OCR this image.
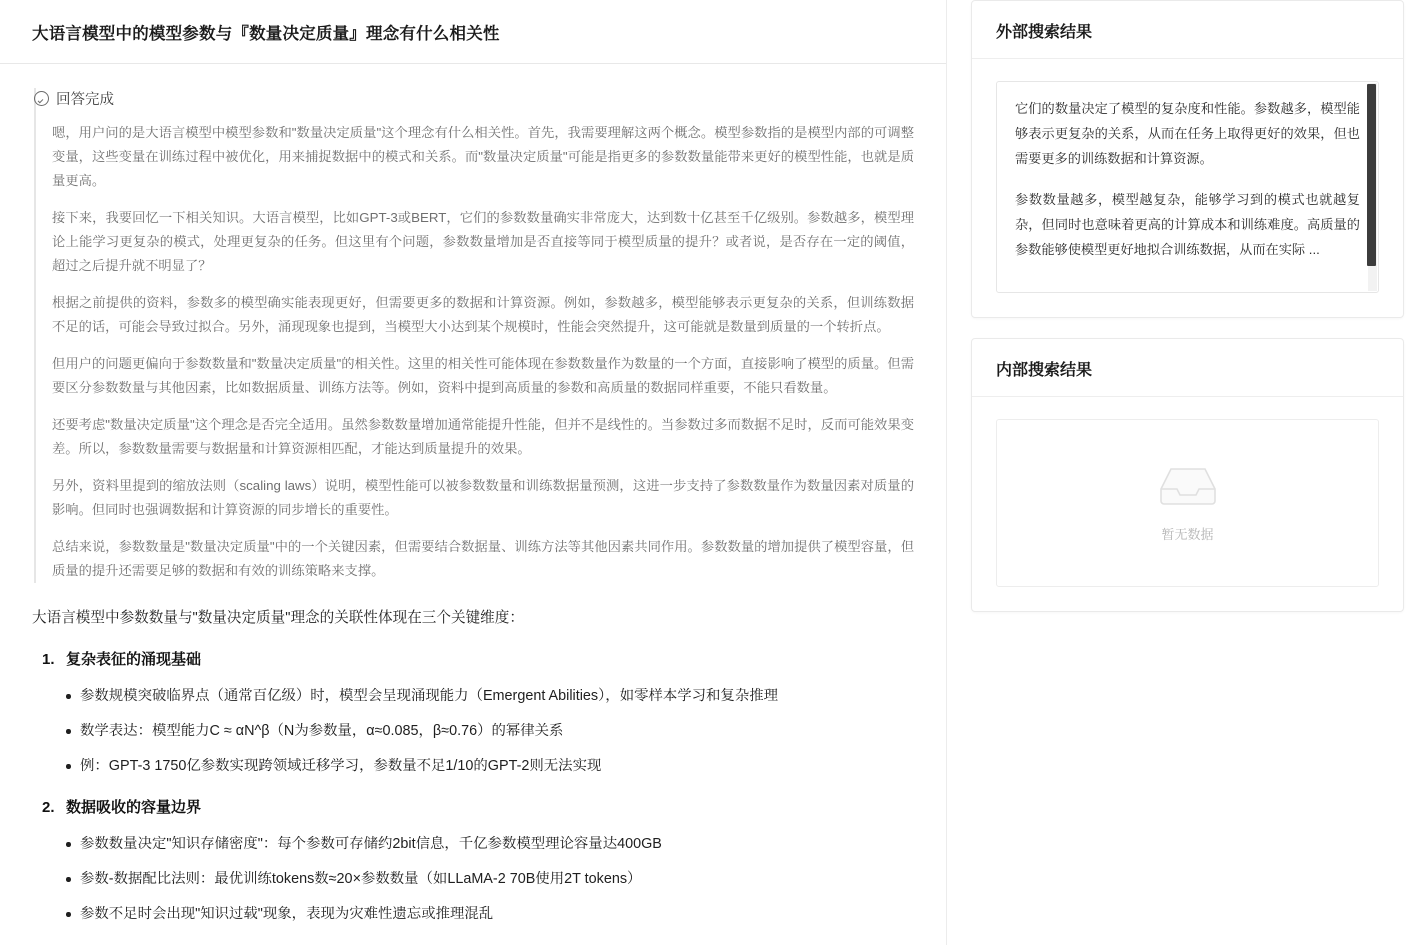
大语言模型中的模型参数与『数量决定质量』理念有什么相关性
回答完成

嗯，用户问的是大语言模型中模型参数和"数量决定质量"这个理念有什么相关性。首先，我需要理解这两个概念。模型参数指的是模型内部的可调整变量，这些变量在训练过程中被优化，用来捕捉数据中的模式和关系。而"数量决定质量"可能是指更多的参数数量能带来更好的模型性能，也就是质量更高。

接下来，我要回忆一下相关知识。大语言模型，比如GPT-3或BERT，它们的参数数量确实非常庞大，达到数十亿甚至千亿级别。参数越多，模型理论上能学习更复杂的模式，处理更复杂的任务。但这里有个问题，参数数量增加是否直接等同于模型质量的提升？或者说，是否存在一定的阈值，超过之后提升就不明显了？

根据之前提供的资料，参数多的模型确实能表现更好，但需要更多的数据和计算资源。例如，参数越多，模型能够表示更复杂的关系，但训练数据不足的话，可能会导致过拟合。另外，涌现现象也提到，当模型大小达到某个规模时，性能会突然提升，这可能就是数量到质量的一个转折点。

但用户的问题更偏向于参数数量和"数量决定质量"的相关性。这里的相关性可能体现在参数数量作为数量的一个方面，直接影响了模型的质量。但需要区分参数数量与其他因素，比如数据质量、训练方法等。例如，资料中提到高质量的参数和高质量的数据同样重要，不能只看数量。

还要考虑"数量决定质量"这个理念是否完全适用。虽然参数数量增加通常能提升性能，但并不是线性的。当参数过多而数据不足时，反而可能效果变差。所以，参数数量需要与数据量和计算资源相匹配，才能达到质量提升的效果。

另外，资料里提到的缩放法则（scaling laws）说明，模型性能可以被参数数量和训练数据量预测，这进一步支持了参数数量作为数量因素对质量的影响。但同时也强调数据和计算资源的同步增长的重要性。

总结来说，参数数量是"数量决定质量"中的一个关键因素，但需要结合数据量、训练方法等其他因素共同作用。参数数量的增加提供了模型容量，但质量的提升还需要足够的数据和有效的训练策略来支撑。

大语言模型中参数数量与"数量决定质量"理念的关联性体现在三个关键维度：

1. 复杂表征的涌现基础
参数规模突破临界点（通常百亿级）时，模型会呈现涌现能力（Emergent Abilities），如零样本学习和复杂推理
数学表达：模型能力C ≈ αN^β（N为参数量，α≈0.085，β≈0.76）的幂律关系
例：GPT-3 1750亿参数实现跨领域迁移学习，参数量不足1/10的GPT-2则无法实现
2. 数据吸收的容量边界
参数数量决定"知识存储密度"：每个参数可存储约2bit信息，千亿参数模型理论容量达400GB
参数-数据配比法则：最优训练tokens数≈20×参数数量（如LLaMA-2 70B使用2T tokens）
参数不足时会出现"知识过载"现象，表现为灾难性遗忘或推理混乱
外部搜索结果

它们的数量决定了模型的复杂度和性能。参数越多，模型能够表示更复杂的关系，从而在任务上取得更好的效果，但也需要更多的训练数据和计算资源。

参数数量越多，模型越复杂，能够学习到的模式也就越复杂，但同时也意味着更高的计算成本和训练难度。高质量的参数能够使模型更好地拟合训练数据，从而在实际 ...

内部搜索结果
暂无数据
